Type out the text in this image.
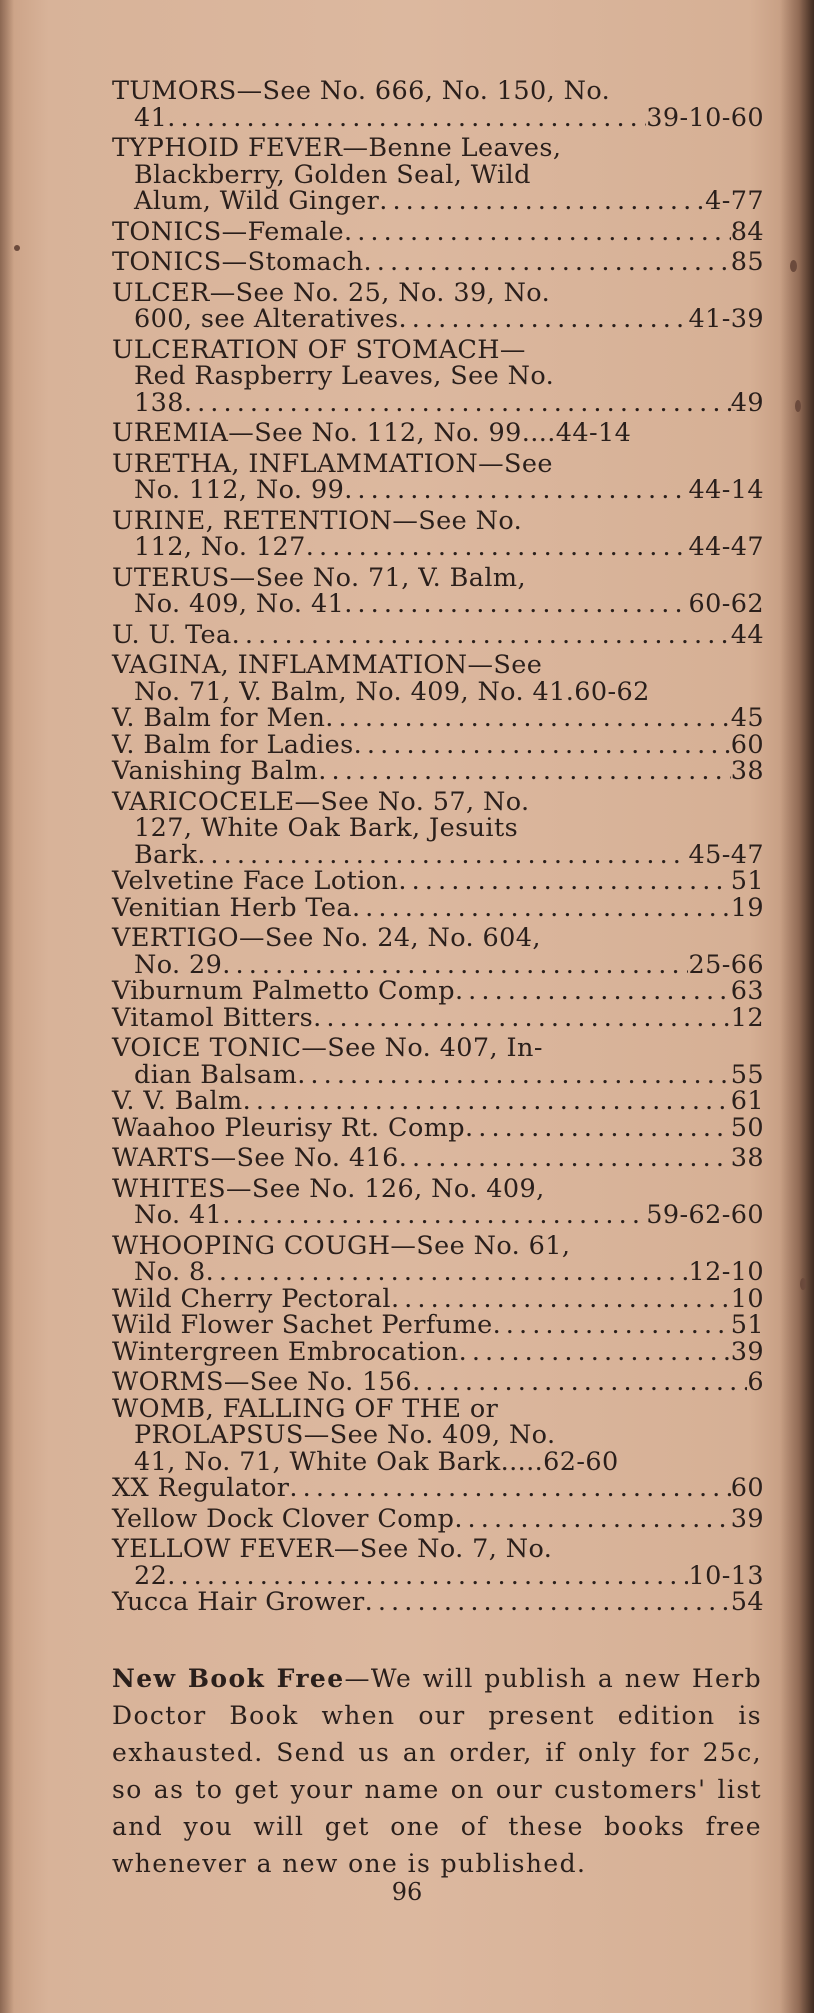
TUMORS—See No. 666, No. 150, No.
41 . . .	39-10-60
TYPHOID FEVER—Benne Leaves,
Blackberry, Golden Seal, Wild
Alum, Wild Ginger . . .	4-77
TONICS—Female . . .	84
TONICS—Stomach . . .	85
ULCER—See No. 25, No. 39, No.
600, see Alteratives . . .	41-39
ULCERATION OF STOMACH—
Red Raspberry Leaves, See No.
138 . . .	49
UREMIA—See No. 112, No. 99....44-14
URETHA, INFLAMMATION—See
No. 112, No. 99 . . .	44-14
URINE, RETENTION—See No.
112, No. 127 . . .	44-47
UTERUS—See No. 71, V. Balm,
No. 409, No. 41 . . .	60-62
U. U. Tea . . .	44
VAGINA, INFLAMMATION—See
No. 71, V. Balm, No. 409, No. 41.60-62
V. Balm for Men . . .	45
V. Balm for Ladies . . .	60
Vanishing Balm . . .	38
VARICOCELE—See No. 57, No.
127, White Oak Bark, Jesuits
Bark . . .	45-47
Velvetine Face Lotion . . .	51
Venitian Herb Tea . . .	19
VERTIGO—See No. 24, No. 604,
No. 29 . . .	25-66
Viburnum Palmetto Comp . . .	63
Vitamol Bitters . . .	12
VOICE TONIC—See No. 407, In-
dian Balsam . . .	55
V. V. Balm . . .	61
Waahoo Pleurisy Rt. Comp . . .	50
WARTS—See No. 416 . . .	38
WHITES—See No. 126, No. 409,
No. 41 . . .	59-62-60
WHOOPING COUGH—See No. 61,
No. 8 . . .	12-10
Wild Cherry Pectoral . . .	10
Wild Flower Sachet Perfume . . .	51
Wintergreen Embrocation . . .	39
WORMS—See No. 156 . . .	6
WOMB, FALLING OF THE or
PROLAPSUS—See No. 409, No.
41, No. 71, White Oak Bark.....62-60
XX Regulator . . .	60
Yellow Dock Clover Comp . . .	39
YELLOW FEVER—See No. 7, No.
22 . . .	10-13
Yucca Hair Grower . . .	54
New Book Free—We will publish a new Herb Doctor Book when our present edition is exhausted. Send us an order, if only for 25c, so as to get your name on our customers' list and you will get one of these books free whenever a new one is published.
96
